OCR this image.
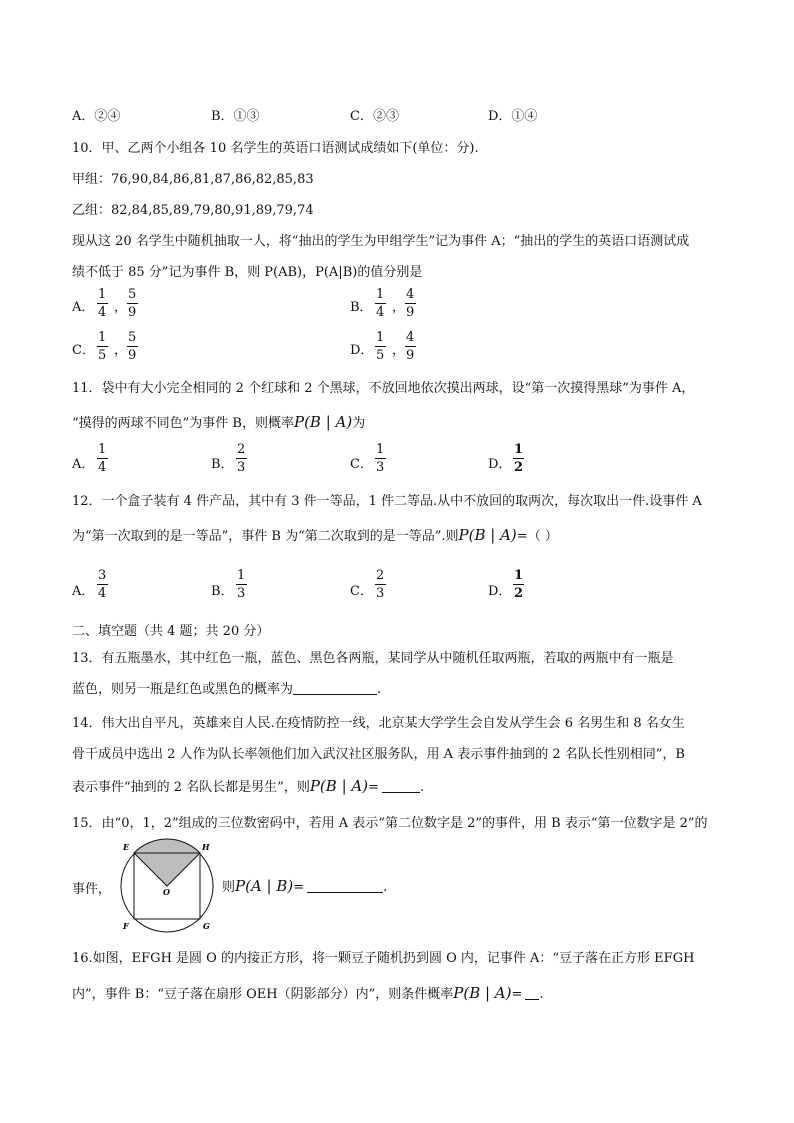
A．②④	B．①③	C．②③	D．①④
10．甲、乙两个小组各 10 名学生的英语口语测试成绩如下(单位：分).
甲组：76,90,84,86,81,87,86,82,85,83
乙组：82,84,85,89,79,80,91,89,79,74
现从这 20 名学生中随机抽取一人，将“抽出的学生为甲组学生”记为事件 A；“抽出的学生的英语口语测试成
绩不低于 85 分”记为事件 B，则 P(AB)，P(A|B)的值分别是
A．
1
4 ，
5
9	B．
1
4 ，
4
9
C．
1
5 ，
5
9	D．
1
5 ，
4
9
11．袋中有大小完全相同的 2 个红球和 2 个黑球，不放回地依次摸出两球，设“第一次摸得黑球”为事件 A，
“摸得的两球不同色”为事件 B，则概率P(B | A)为
A．
1
4	B．
2
3	C．
1
3	D．
1
2
12．一个盒子装有 4 件产品，其中有 3 件一等品，1 件二等品.从中不放回的取两次，每次取出一件.设事件 A
为“第一次取到的是一等品”，事件 B 为“第二次取到的是一等品”.则P(B | A)=（ ）
A．
3
4	B．
1
3	C．
2
3	D．
1
2
二、填空题（共 4 题；共 20 分）
13．有五瓶墨水，其中红色一瓶，蓝色、黑色各两瓶，某同学从中随机任取两瓶，若取的两瓶中有一瓶是
蓝色，则另一瓶是红色或黑色的概率为	.
14．伟大出自平凡，英雄来自人民.在疫情防控一线，北京某大学学生会自发从学生会 6 名男生和 8 名女生
骨干成员中选出 2 人作为队长率领他们加入武汉社区服务队，用 A 表示事件抽到的 2 名队长性别相同”，B
表示事件“抽到的 2 名队长都是男生”，则P(B | A)=	.
15．由“0，1，2”组成的三位数密码中，若用 A 表示“第二位数字是 2”的事件，用 B 表示“第一位数字是 2”的
事件，	则P(A | B)=	.
E	H
O
F	G
16.如图，EFGH 是圆 O 的内接正方形，将一颗豆子随机扔到圆 O 内，记事件 A：“豆子落在正方形 EFGH
内”，事件 B：“豆子落在扇形 OEH（阴影部分）内”，则条件概率P(B | A)= .
